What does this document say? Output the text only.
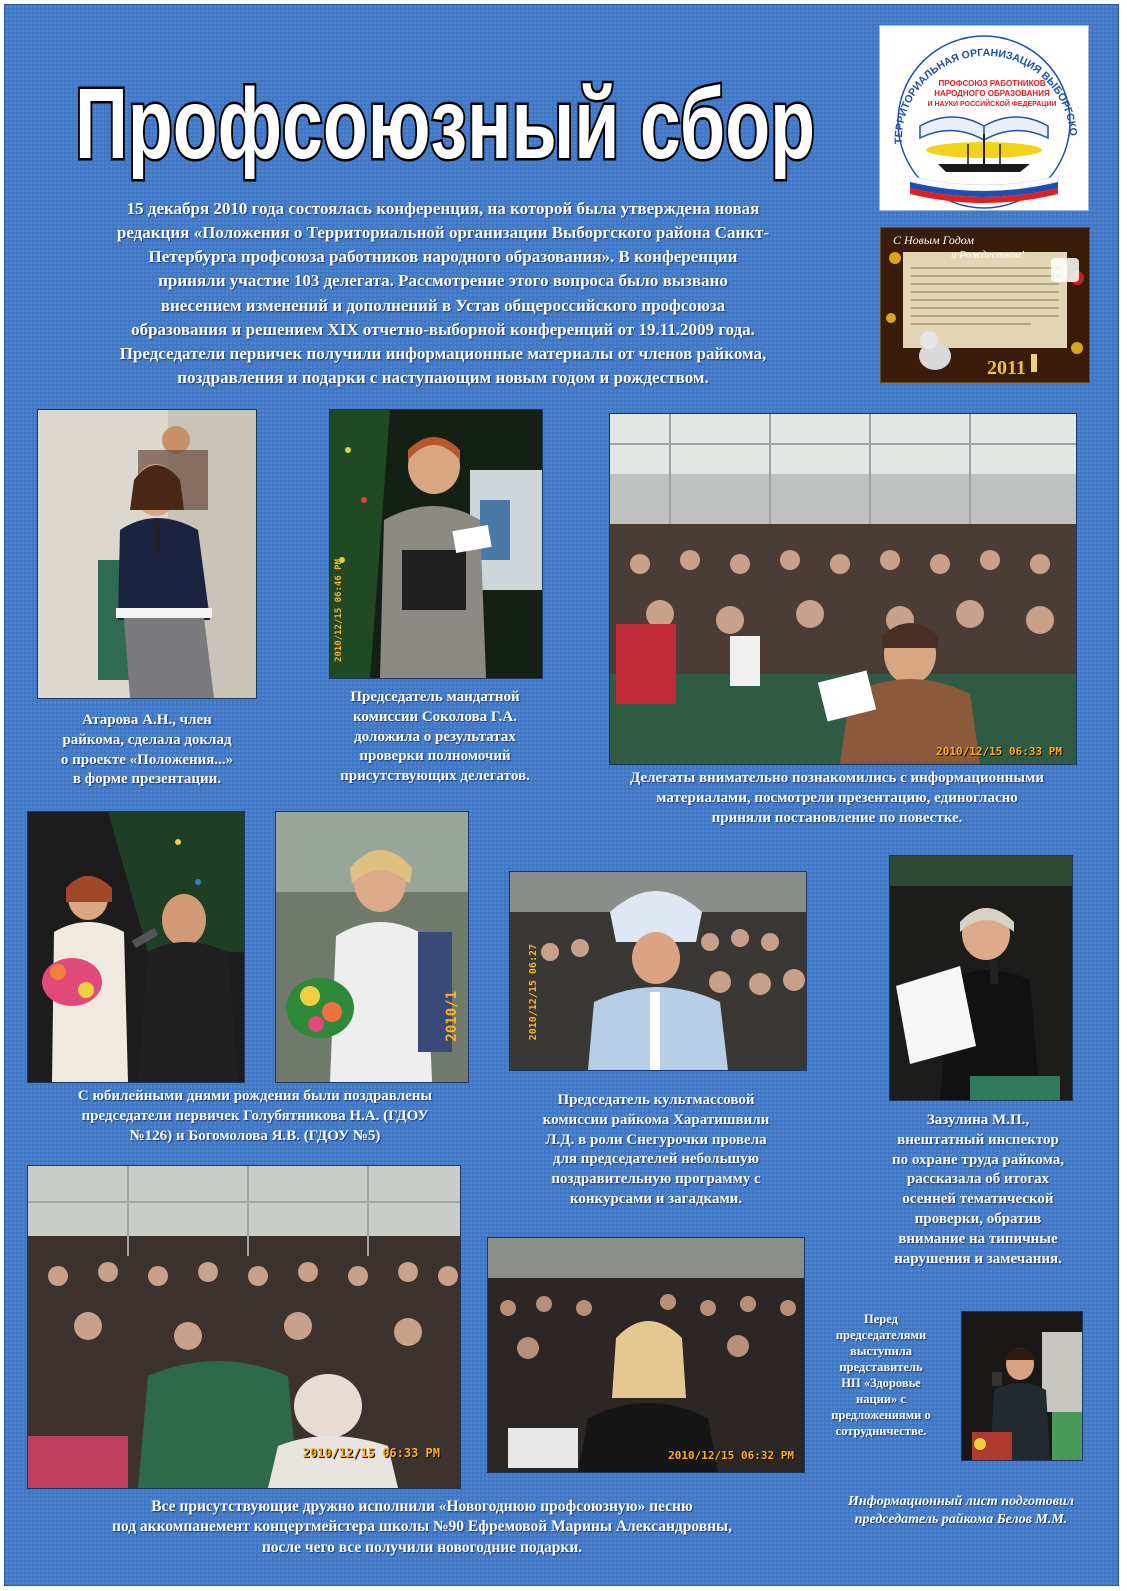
Профсоюзный сбор
15 декабря 2010 года состоялась конференция, на которой была утверждена новая
редакция «Положения о Территориальной организации Выборгского района Санкт-
Петербурга профсоюза работников народного образования». В конференции
приняли участие 103 делегата. Рассмотрение этого вопроса было вызвано
внесением изменений и дополнений в Устав общероссийского профсоюза
образования и решением XIX отчетно-выборной конференций от 19.11.2009 года.
Председатели первичек получили информационные материалы от членов райкома,
поздравления и подарки с наступающим новым годом и рождеством.
ТЕРРИТОРИАЛЬНАЯ ОРГАНИЗАЦИЯ ВЫБОРГСКО
ПРОФСОЮЗ РАБОТНИКОВ
НАРОДНОГО ОБРАЗОВАНИЯ
И НАУКИ РОССИЙСКОЙ ФЕДЕРАЦИИ
С Новым Годом
и Рождеством!
2011
Атарова А.Н., член
райкома, сделала доклад
о проекте «Положения...»
в форме презентации.
2010/12/15 06:46 PM
Председатель мандатной
комиссии Соколова Г.А.
доложила о результатах
проверки полномочий
присутствующих делегатов.
2010/12/15 06:33 PM
Делегаты внимательно познакомились с информационными
материалами, посмотрели презентацию, единогласно
приняли постановление по повестке.
2010/1
С юбилейными днями рождения были поздравлены
председатели первичек Голубятникова Н.А. (ГДОУ
№126) и Богомолова Я.В. (ГДОУ №5)
2010/12/15 06:27
Председатель культмассовой
комиссии райкома Харатишвили
Л.Д. в роли Снегурочки провела
для председателей небольшую
поздравительную программу с
конкурсами и загадками.
Зазулина М.П.,
внештатный инспектор
по охране труда райкома,
рассказала об итогах
осенней тематической
проверки, обратив
внимание на типичные
нарушения и замечания.
2010/12/15 06:33 PM	2010/12/15 06:32 PM
Все присутствующие дружно исполнили «Новогоднюю профсоюзную» песню
под аккомпанемент концертмейстера школы №90 Ефремовой Марины Александровны,
после чего все получили новогодние подарки.
Перед
председателями
выступила
представитель
НП «Здоровье
нации» с
предложениями о
сотрудничестве.
Информационный лист подготовил
председатель райкома Белов М.М.
